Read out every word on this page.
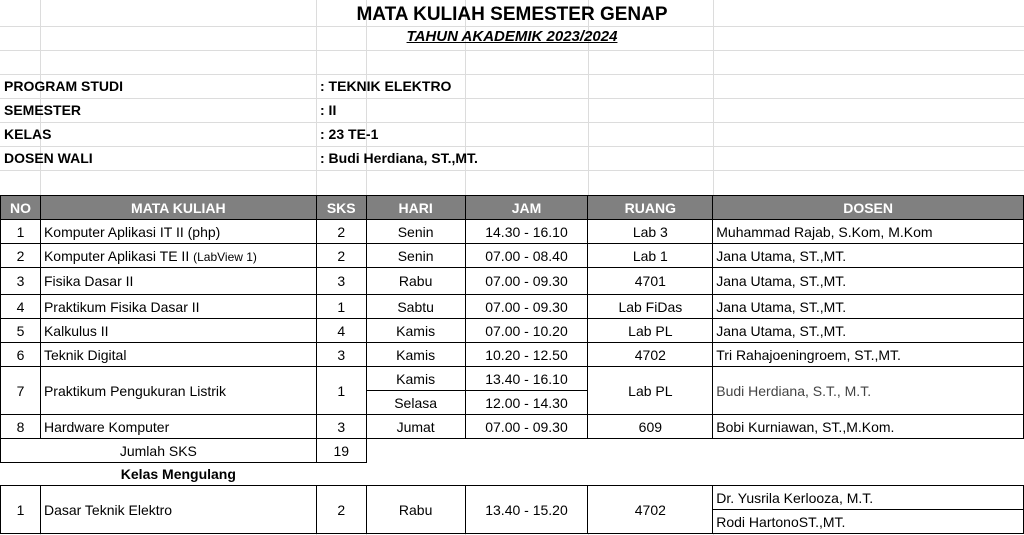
MATA KULIAH SEMESTER GENAP
TAHUN AKADEMIK 2023/2024
PROGRAM STUDI	: TEKNIK ELEKTRO
SEMESTER	: II
KELAS	: 23 TE-1
DOSEN WALI	: Budi Herdiana, ST.,MT.
NO	MATA KULIAH	SKS	HARI	JAM	RUANG	DOSEN
1	Komputer Aplikasi IT II (php)	2	Senin	14.30 - 16.10	Lab 3	Muhammad Rajab, S.Kom, M.Kom
2	Komputer Aplikasi TE II (LabView 1)	2	Senin	07.00 - 08.40	Lab 1	Jana Utama, ST.,MT.
3	Fisika Dasar II	3	Rabu	07.00 - 09.30	4701	Jana Utama, ST.,MT.
4	Praktikum Fisika Dasar II	1	Sabtu	07.00 - 09.30	Lab FiDas	Jana Utama, ST.,MT.
5	Kalkulus II	4	Kamis	07.00 - 10.20	Lab PL	Jana Utama, ST.,MT.
6	Teknik Digital	3	Kamis	10.20 - 12.50	4702	Tri Rahajoeningroem, ST.,MT.
7	Praktikum Pengukuran Listrik	1	Kamis	13.40 - 16.10	Lab PL	Budi Herdiana, S.T., M.T.
			Selasa	12.00 - 14.30		
8	Hardware Komputer	3	Jumat	07.00 - 09.30	609	Bobi Kurniawan, ST.,M.Kom.
Jumlah SKS		19				
	Kelas Mengulang					
1	Dasar Teknik Elektro	2	Rabu	13.40 - 15.20	4702	Dr. Yusrila Kerlooza, M.T.
						Rodi HartonoST.,MT.
